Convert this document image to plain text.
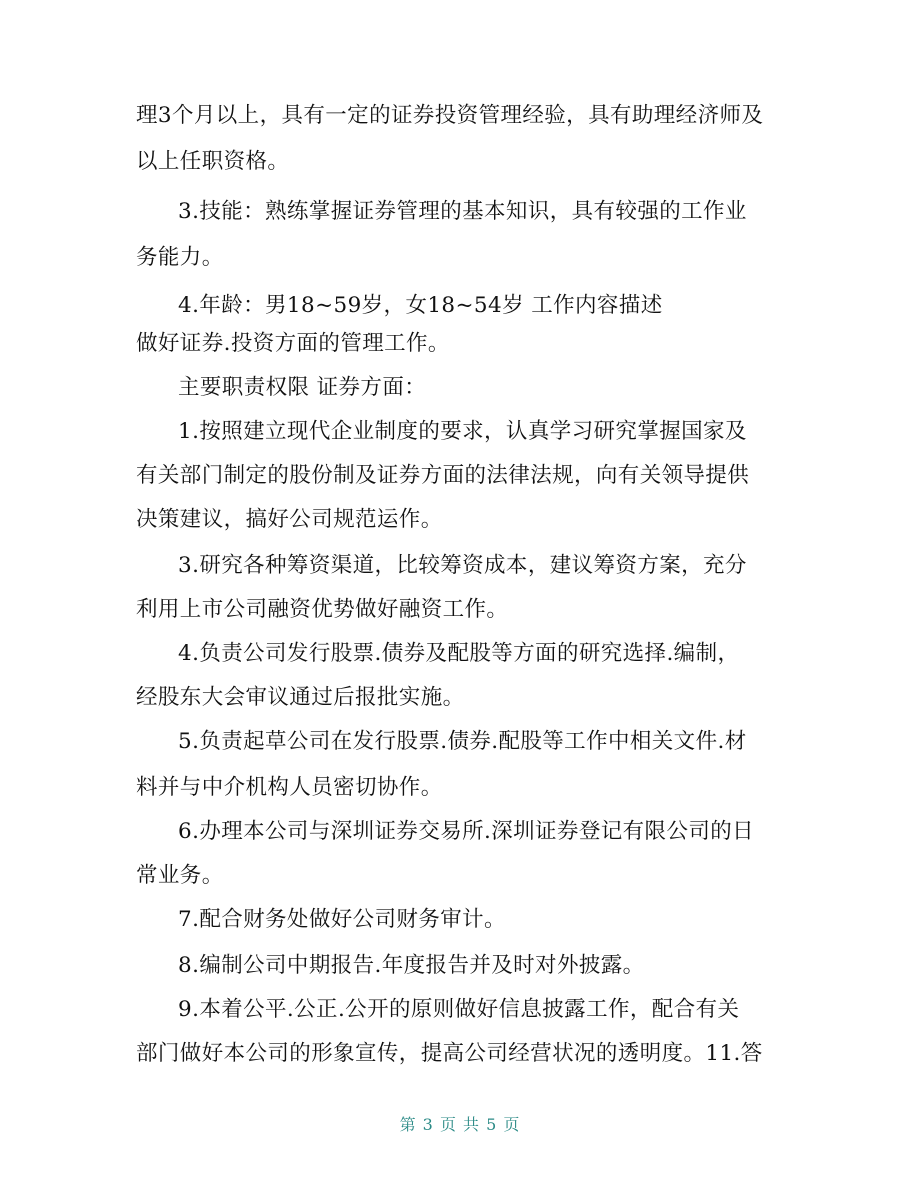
理3个月以上，具有一定的证券投资管理经验，具有助理经济师及
以上任职资格。
3.技能：熟练掌握证券管理的基本知识，具有较强的工作业
务能力。
4.年龄：男18~59岁，女18~54岁 工作内容描述
做好证券.投资方面的管理工作。
主要职责权限 证券方面：
1.按照建立现代企业制度的要求，认真学习研究掌握国家及
有关部门制定的股份制及证券方面的法律法规，向有关领导提供
决策建议，搞好公司规范运作。
3.研究各种筹资渠道，比较筹资成本，建议筹资方案，充分
利用上市公司融资优势做好融资工作。
4.负责公司发行股票.债券及配股等方面的研究选择.编制，
经股东大会审议通过后报批实施。
5.负责起草公司在发行股票.债券.配股等工作中相关文件.材
料并与中介机构人员密切协作。
6.办理本公司与深圳证券交易所.深圳证券登记有限公司的日
常业务。
7.配合财务处做好公司财务审计。
8.编制公司中期报告.年度报告并及时对外披露。
9.本着公平.公正.公开的原则做好信息披露工作，配合有关
部门做好本公司的形象宣传，提高公司经营状况的透明度。11.答
第 3 页 共 5 页
